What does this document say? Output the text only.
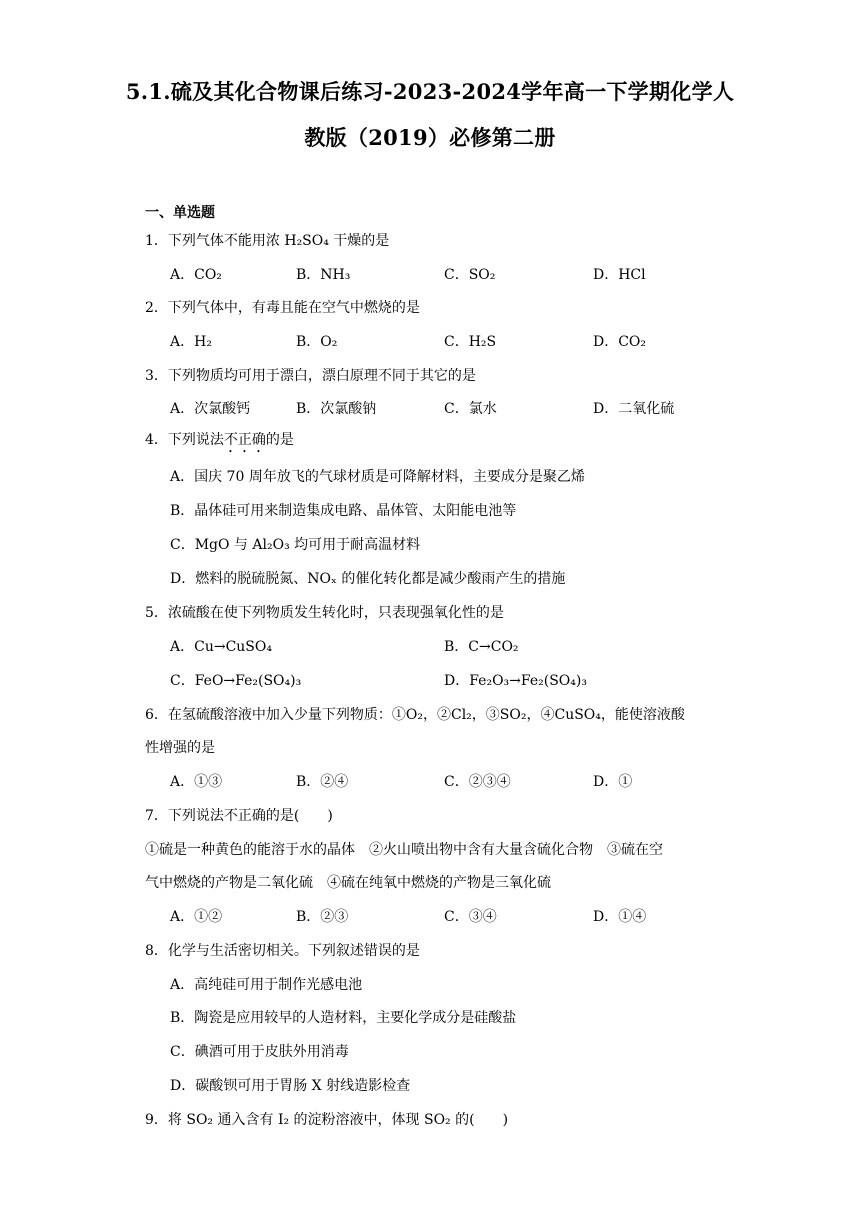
5.1.硫及其化合物课后练习-2023-2024学年高一下学期化学人
教版（2019）必修第二册
一、单选题
1．下列气体不能用浓 H₂SO₄ 干燥的是
A．CO₂	B．NH₃	C．SO₂	D．HCl
2．下列气体中，有毒且能在空气中燃烧的是
A．H₂	B．O₂	C．H₂S	D．CO₂
3．下列物质均可用于漂白，漂白原理不同于其它的是
A．次氯酸钙	B．次氯酸钠	C．氯水	D．二氧化硫
4．下列说法不正确的是
A．国庆 70 周年放飞的气球材质是可降解材料，主要成分是聚乙烯
B．晶体硅可用来制造集成电路、晶体管、太阳能电池等
C．MgO 与 Al₂O₃ 均可用于耐高温材料
D．燃料的脱硫脱氮、NOₓ 的催化转化都是减少酸雨产生的措施
5．浓硫酸在使下列物质发生转化时，只表现强氧化性的是
A．Cu→CuSO₄	B．C→CO₂
C．FeO→Fe₂(SO₄)₃	D．Fe₂O₃→Fe₂(SO₄)₃
6．在氢硫酸溶液中加入少量下列物质：①O₂，②Cl₂，③SO₂，④CuSO₄，能使溶液酸
性增强的是
A．①③	B．②④	C．②③④	D．①
7．下列说法不正确的是(　　)
①硫是一种黄色的能溶于水的晶体　②火山喷出物中含有大量含硫化合物　③硫在空
气中燃烧的产物是二氧化硫　④硫在纯氧中燃烧的产物是三氧化硫
A．①②	B．②③	C．③④	D．①④
8．化学与生活密切相关。下列叙述错误的是
A．高纯硅可用于制作光感电池
B．陶瓷是应用较早的人造材料，主要化学成分是硅酸盐
C．碘酒可用于皮肤外用消毒
D．碳酸钡可用于胃肠 X 射线造影检查
9．将 SO₂ 通入含有 I₂ 的淀粉溶液中，体现 SO₂ 的(　　)
